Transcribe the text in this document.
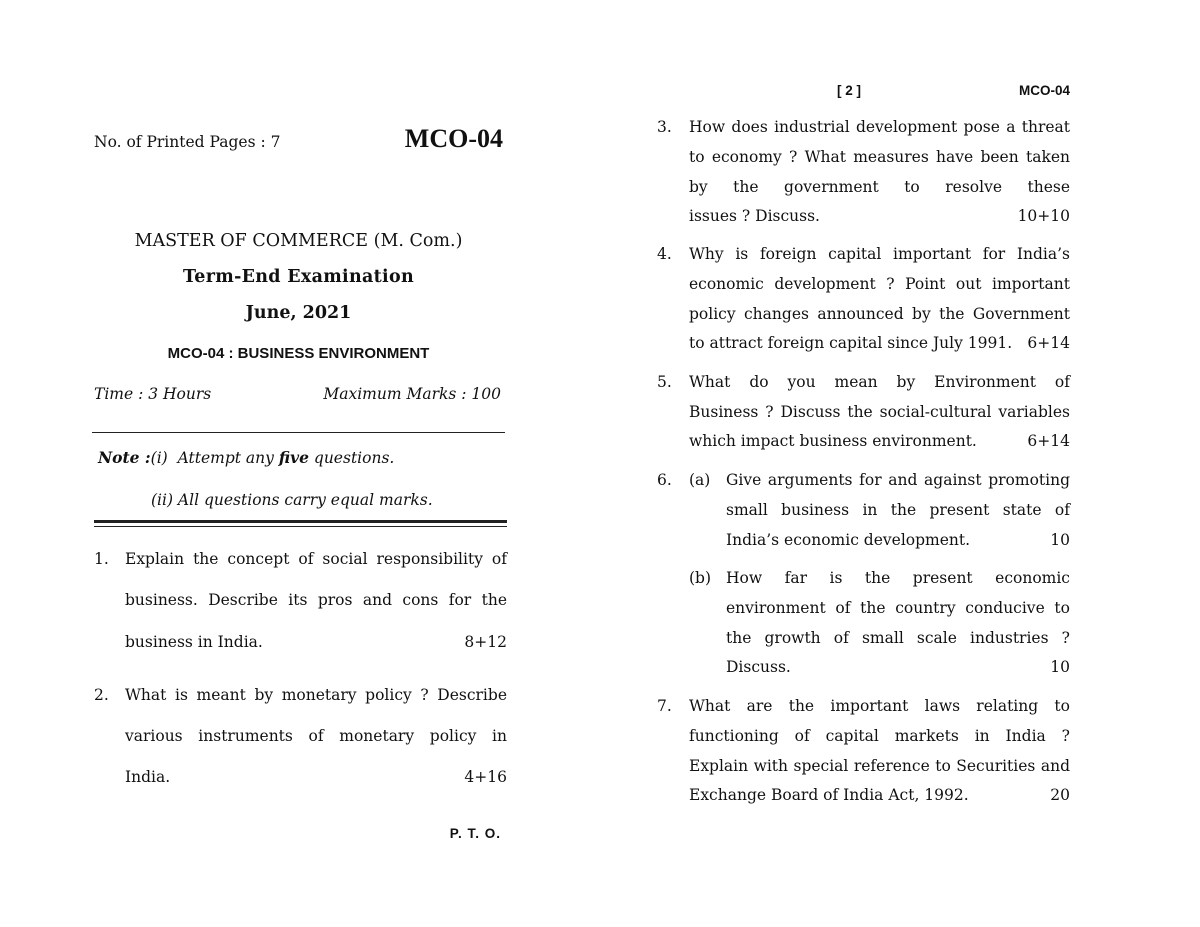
No. of Printed Pages : 7	MCO-04
MASTER OF COMMERCE (M. Com.)
Term-End Examination
June, 2021
MCO-04 : BUSINESS ENVIRONMENT
Time : 3 Hours	Maximum Marks : 100
Note :(i) Attempt any five questions.
(ii) All questions carry equal marks.
1. Explain the concept of social responsibility of
business. Describe its pros and cons for the
business in India.	8+12
2. What is meant by monetary policy ? Describe
various instruments of monetary policy in
India.	4+16
P. T. O.
[ 2 ]	MCO-04
3. How does industrial development pose a threat
to economy ? What measures have been taken
by the government to resolve these
issues ? Discuss.	10+10
4. Why is foreign capital important for India’s
economic development ? Point out important
policy changes announced by the Government
to attract foreign capital since July 1991. 6+14
5. What do you mean by Environment of
Business ? Discuss the social-cultural variables
which impact business environment.	6+14
6. (a) Give arguments for and against promoting
small business in the present state of
India’s economic development.	10
(b) How far is the present economic
environment of the country conducive to
the growth of small scale industries ?
Discuss.	10
7. What are the important laws relating to
functioning of capital markets in India ?
Explain with special reference to Securities and
Exchange Board of India Act, 1992.	20
